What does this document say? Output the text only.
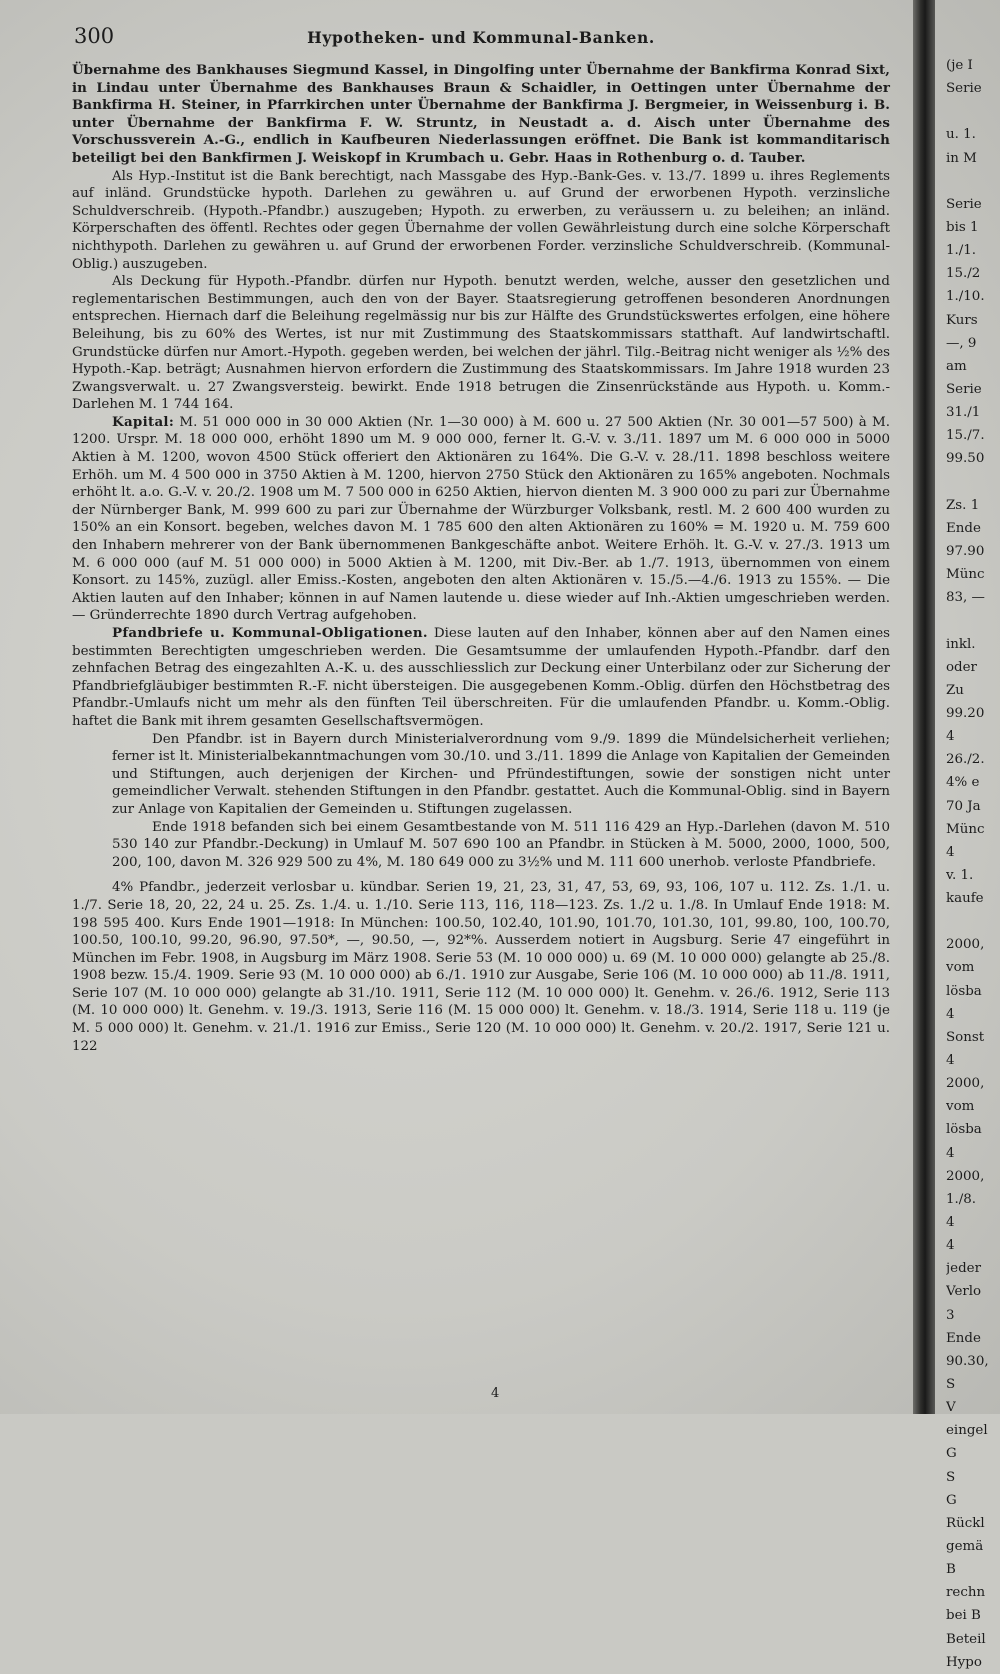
300	Hypotheken- und Kommunal-Banken.

Übernahme des Bankhauses Siegmund Kassel, in Dingolfing unter Übernahme der Bankfirma Konrad Sixt, in Lindau unter Übernahme des Bankhauses Braun & Schaidler, in Oettingen unter Übernahme der Bankfirma H. Steiner, in Pfarrkirchen unter Übernahme der Bankfirma J. Bergmeier, in Weissenburg i. B. unter Übernahme der Bankfirma F. W. Struntz, in Neustadt a. d. Aisch unter Übernahme des Vorschussverein A.-G., endlich in Kaufbeuren Niederlassungen eröffnet. Die Bank ist kommanditarisch beteiligt bei den Bankfirmen J. Weiskopf in Krumbach u. Gebr. Haas in Rothenburg o. d. Tauber.

Als Hyp.-Institut ist die Bank berechtigt, nach Massgabe des Hyp.-Bank-Ges. v. 13./7. 1899 u. ihres Reglements auf inländ. Grundstücke hypoth. Darlehen zu gewähren u. auf Grund der erworbenen Hypoth. verzinsliche Schuldverschreib. (Hypoth.-Pfandbr.) auszugeben; Hypoth. zu erwerben, zu veräussern u. zu beleihen; an inländ. Körperschaften des öffentl. Rechtes oder gegen Übernahme der vollen Gewährleistung durch eine solche Körperschaft nichthypoth. Darlehen zu gewähren u. auf Grund der erworbenen Forder. verzinsliche Schuldverschreib. (Kommunal-Oblig.) auszugeben.

Als Deckung für Hypoth.-Pfandbr. dürfen nur Hypoth. benutzt werden, welche, ausser den gesetzlichen und reglementarischen Bestimmungen, auch den von der Bayer. Staatsregierung getroffenen besonderen Anordnungen entsprechen. Hiernach darf die Beleihung regelmässig nur bis zur Hälfte des Grundstückswertes erfolgen, eine höhere Beleihung, bis zu 60% des Wertes, ist nur mit Zustimmung des Staatskommissars statthaft. Auf landwirtschaftl. Grundstücke dürfen nur Amort.-Hypoth. gegeben werden, bei welchen der jährl. Tilg.-Beitrag nicht weniger als ½% des Hypoth.-Kap. beträgt; Ausnahmen hiervon erfordern die Zustimmung des Staatskommissars. Im Jahre 1918 wurden 23 Zwangsverwalt. u. 27 Zwangsversteig. bewirkt. Ende 1918 betrugen die Zinsenrückstände aus Hypoth. u. Komm.-Darlehen M. 1 744 164.

Kapital: M. 51 000 000 in 30 000 Aktien (Nr. 1—30 000) à M. 600 u. 27 500 Aktien (Nr. 30 001—57 500) à M. 1200. Urspr. M. 18 000 000, erhöht 1890 um M. 9 000 000, ferner lt. G.-V. v. 3./11. 1897 um M. 6 000 000 in 5000 Aktien à M. 1200, wovon 4500 Stück offeriert den Aktionären zu 164%. Die G.-V. v. 28./11. 1898 beschloss weitere Erhöh. um M. 4 500 000 in 3750 Aktien à M. 1200, hiervon 2750 Stück den Aktionären zu 165% angeboten. Nochmals erhöht lt. a.o. G.-V. v. 20./2. 1908 um M. 7 500 000 in 6250 Aktien, hiervon dienten M. 3 900 000 zu pari zur Übernahme der Nürnberger Bank, M. 999 600 zu pari zur Übernahme der Würzburger Volksbank, restl. M. 2 600 400 wurden zu 150% an ein Konsort. begeben, welches davon M. 1 785 600 den alten Aktionären zu 160% = M. 1920 u. M. 759 600 den Inhabern mehrerer von der Bank übernommenen Bankgeschäfte anbot. Weitere Erhöh. lt. G.-V. v. 27./3. 1913 um M. 6 000 000 (auf M. 51 000 000) in 5000 Aktien à M. 1200, mit Div.-Ber. ab 1./7. 1913, übernommen von einem Konsort. zu 145%, zuzügl. aller Emiss.-Kosten, angeboten den alten Aktionären v. 15./5.—4./6. 1913 zu 155%. — Die Aktien lauten auf den Inhaber; können in auf Namen lautende u. diese wieder auf Inh.-Aktien umgeschrieben werden. — Gründerrechte 1890 durch Vertrag aufgehoben.

Pfandbriefe u. Kommunal-Obligationen. Diese lauten auf den Inhaber, können aber auf den Namen eines bestimmten Berechtigten umgeschrieben werden. Die Gesamtsumme der umlaufenden Hypoth.-Pfandbr. darf den zehnfachen Betrag des eingezahlten A.-K. u. des ausschliesslich zur Deckung einer Unterbilanz oder zur Sicherung der Pfandbriefgläubiger bestimmten R.-F. nicht übersteigen. Die ausgegebenen Komm.-Oblig. dürfen den Höchstbetrag des Pfandbr.-Umlaufs nicht um mehr als den fünften Teil überschreiten. Für die umlaufenden Pfandbr. u. Komm.-Oblig. haftet die Bank mit ihrem gesamten Gesellschaftsvermögen.

Den Pfandbr. ist in Bayern durch Ministerialverordnung vom 9./9. 1899 die Mündelsicherheit verliehen; ferner ist lt. Ministerialbekanntmachungen vom 30./10. und 3./11. 1899 die Anlage von Kapitalien der Gemeinden und Stiftungen, auch derjenigen der Kirchen- und Pfründestiftungen, sowie der sonstigen nicht unter gemeindlicher Verwalt. stehenden Stiftungen in den Pfandbr. gestattet. Auch die Kommunal-Oblig. sind in Bayern zur Anlage von Kapitalien der Gemeinden u. Stiftungen zugelassen.

Ende 1918 befanden sich bei einem Gesamtbestande von M. 511 116 429 an Hyp.-Darlehen (davon M. 510 530 140 zur Pfandbr.-Deckung) in Umlauf M. 507 690 100 an Pfandbr. in Stücken à M. 5000, 2000, 1000, 500, 200, 100, davon M. 326 929 500 zu 4%, M. 180 649 000 zu 3½% und M. 111 600 unerhob. verloste Pfandbriefe.

4% Pfandbr., jederzeit verlosbar u. kündbar. Serien 19, 21, 23, 31, 47, 53, 69, 93, 106, 107 u. 112. Zs. 1./1. u. 1./7. Serie 18, 20, 22, 24 u. 25. Zs. 1./4. u. 1./10. Serie 113, 116, 118—123. Zs. 1./2 u. 1./8. In Umlauf Ende 1918: M. 198 595 400. Kurs Ende 1901—1918: In München: 100.50, 102.40, 101.90, 101.70, 101.30, 101, 99.80, 100, 100.70, 100.50, 100.10, 99.20, 96.90, 97.50*, —, 90.50, —, 92*%. Ausserdem notiert in Augsburg. Serie 47 eingeführt in München im Febr. 1908, in Augsburg im März 1908. Serie 53 (M. 10 000 000) u. 69 (M. 10 000 000) gelangte ab 25./8. 1908 bezw. 15./4. 1909. Serie 93 (M. 10 000 000) ab 6./1. 1910 zur Ausgabe, Serie 106 (M. 10 000 000) ab 11./8. 1911, Serie 107 (M. 10 000 000) gelangte ab 31./10. 1911, Serie 112 (M. 10 000 000) lt. Genehm. v. 26./6. 1912, Serie 113 (M. 10 000 000) lt. Genehm. v. 19./3. 1913, Serie 116 (M. 15 000 000) lt. Genehm. v. 18./3. 1914, Serie 118 u. 119 (je M. 5 000 000) lt. Genehm. v. 21./1. 1916 zur Emiss., Serie 120 (M. 10 000 000) lt. Genehm. v. 20./2. 1917, Serie 121 u. 122

(je I
Serie
u. 1.
in M
Serie
bis 1
1./1.
15./2
1./10.
Kurs
—, 9
am
Serie
31./1
15./7.
99.50
Zs. 1
Ende
97.90
Münc
83, —
inkl.
oder
Zu
99.20
4
26./2.
4% e
70 Ja
Münc
4
v. 1.
kaufe
2000,
vom
lösba
4
Sonst
4
2000,
vom
lösba
4
2000,
1./8.
4
4
jeder
Verlo
3
Ende
90.30,
S
V
eingel
G
S
G
Rückl
gemä
B
rechn
bei B
Beteil
Hypo
4
